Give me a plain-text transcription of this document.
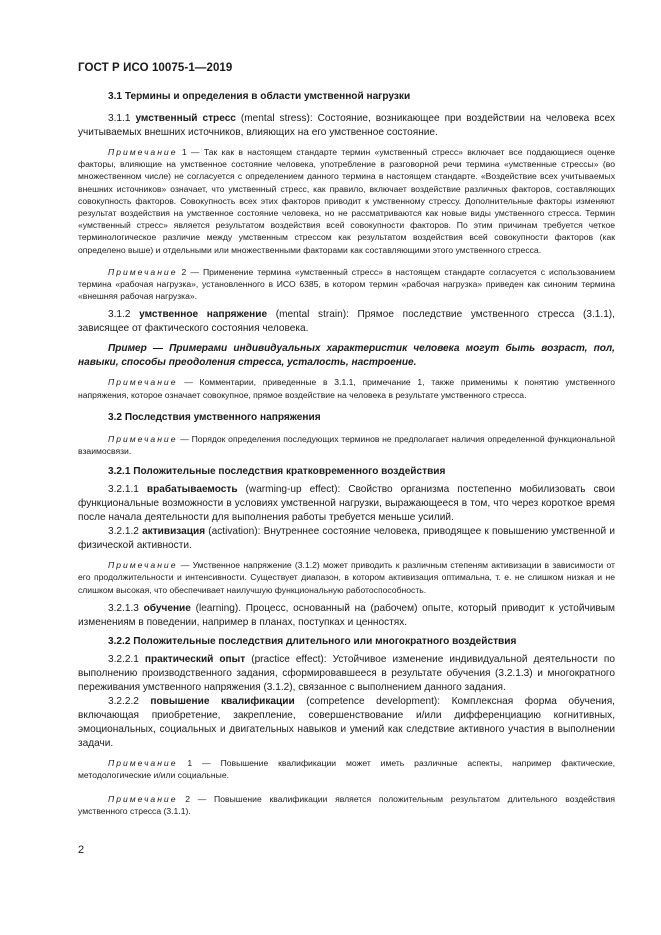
ГОСТ Р ИСО 10075-1—2019

3.1 Термины и определения в области умственной нагрузки

3.1.1 умственный стресс (mental stress): Состояние, возникающее при воздействии на человека всех учитываемых внешних источников, влияющих на его умственное состояние.

Примечание 1 — Так как в настоящем стандарте термин «умственный стресс» включает все поддающиеся оценке факторы, влияющие на умственное состояние человека, употребление в разговорной речи термина «умственные стрессы» (во множественном числе) не согласуется с определением данного термина в настоящем стандарте. «Воздействие всех учитываемых внешних источников» означает, что умственный стресс, как правило, включает воздействие различных факторов, составляющих совокупность факторов. Совокупность всех этих факторов приводит к умственному стрессу. Дополнительные факторы изменяют результат воздействия на умственное состояние человека, но не рассматриваются как новые виды умственного стресса. Термин «умственный стресс» является результатом воздействия всей совокупности факторов. По этим причинам требуется четкое терминологическое различие между умственным стрессом как результатом воздействия всей совокупности факторов (как определено выше) и отдельными или множественными факторами как составляющими этого умственного стресса.

Примечание 2 — Применение термина «умственный стресс» в настоящем стандарте согласуется с использованием термина «рабочая нагрузка», установленного в ИСО 6385, в котором термин «рабочая нагрузка» приведен как синоним термина «внешняя рабочая нагрузка».

3.1.2 умственное напряжение (mental strain): Прямое последствие умственного стресса (3.1.1), зависящее от фактического состояния человека.

Пример — Примерами индивидуальных характеристик человека могут быть возраст, пол, навыки, способы преодоления стресса, усталость, настроение.

Примечание — Комментарии, приведенные в 3.1.1, примечание 1, также применимы к понятию умственного напряжения, которое означает совокупное, прямое воздействие на человека в результате умственного стресса.

3.2 Последствия умственного напряжения

Примечание — Порядок определения последующих терминов не предполагает наличия определенной функциональной взаимосвязи.

3.2.1 Положительные последствия кратковременного воздействия

3.2.1.1 врабатываемость (warming-up effect): Свойство организма постепенно мобилизовать свои функциональные возможности в условиях умственной нагрузки, выражающееся в том, что через короткое время после начала деятельности для выполнения работы требуется меньше усилий.

3.2.1.2 активизация (activation): Внутреннее состояние человека, приводящее к повышению умственной и физической активности.

Примечание — Умственное напряжение (3.1.2) может приводить к различным степеням активизации в зависимости от его продолжительности и интенсивности. Существует диапазон, в котором активизация оптимальна, т. е. не слишком низкая и не слишком высокая, что обеспечивает наилучшую функциональную работоспособность.

3.2.1.3 обучение (learning). Процесс, основанный на (рабочем) опыте, который приводит к устойчивым изменениям в поведении, например в планах, поступках и ценностях.

3.2.2 Положительные последствия длительного или многократного воздействия

3.2.2.1 практический опыт (practice effect): Устойчивое изменение индивидуальной деятельности по выполнению производственного задания, сформировавшееся в результате обучения (3.2.1.3) и многократного переживания умственного напряжения (3.1.2), связанное с выполнением данного задания.

3.2.2.2 повышение квалификации (competence development): Комплексная форма обучения, включающая приобретение, закрепление, совершенствование и/или дифференциацию когнитивных, эмоциональных, социальных и двигательных навыков и умений как следствие активного участия в выполнении задачи.

Примечание 1 — Повышение квалификации может иметь различные аспекты, например фактические, методологические и/или социальные.

Примечание 2 — Повышение квалификации является положительным результатом длительного воздействия умственного стресса (3.1.1).

2
